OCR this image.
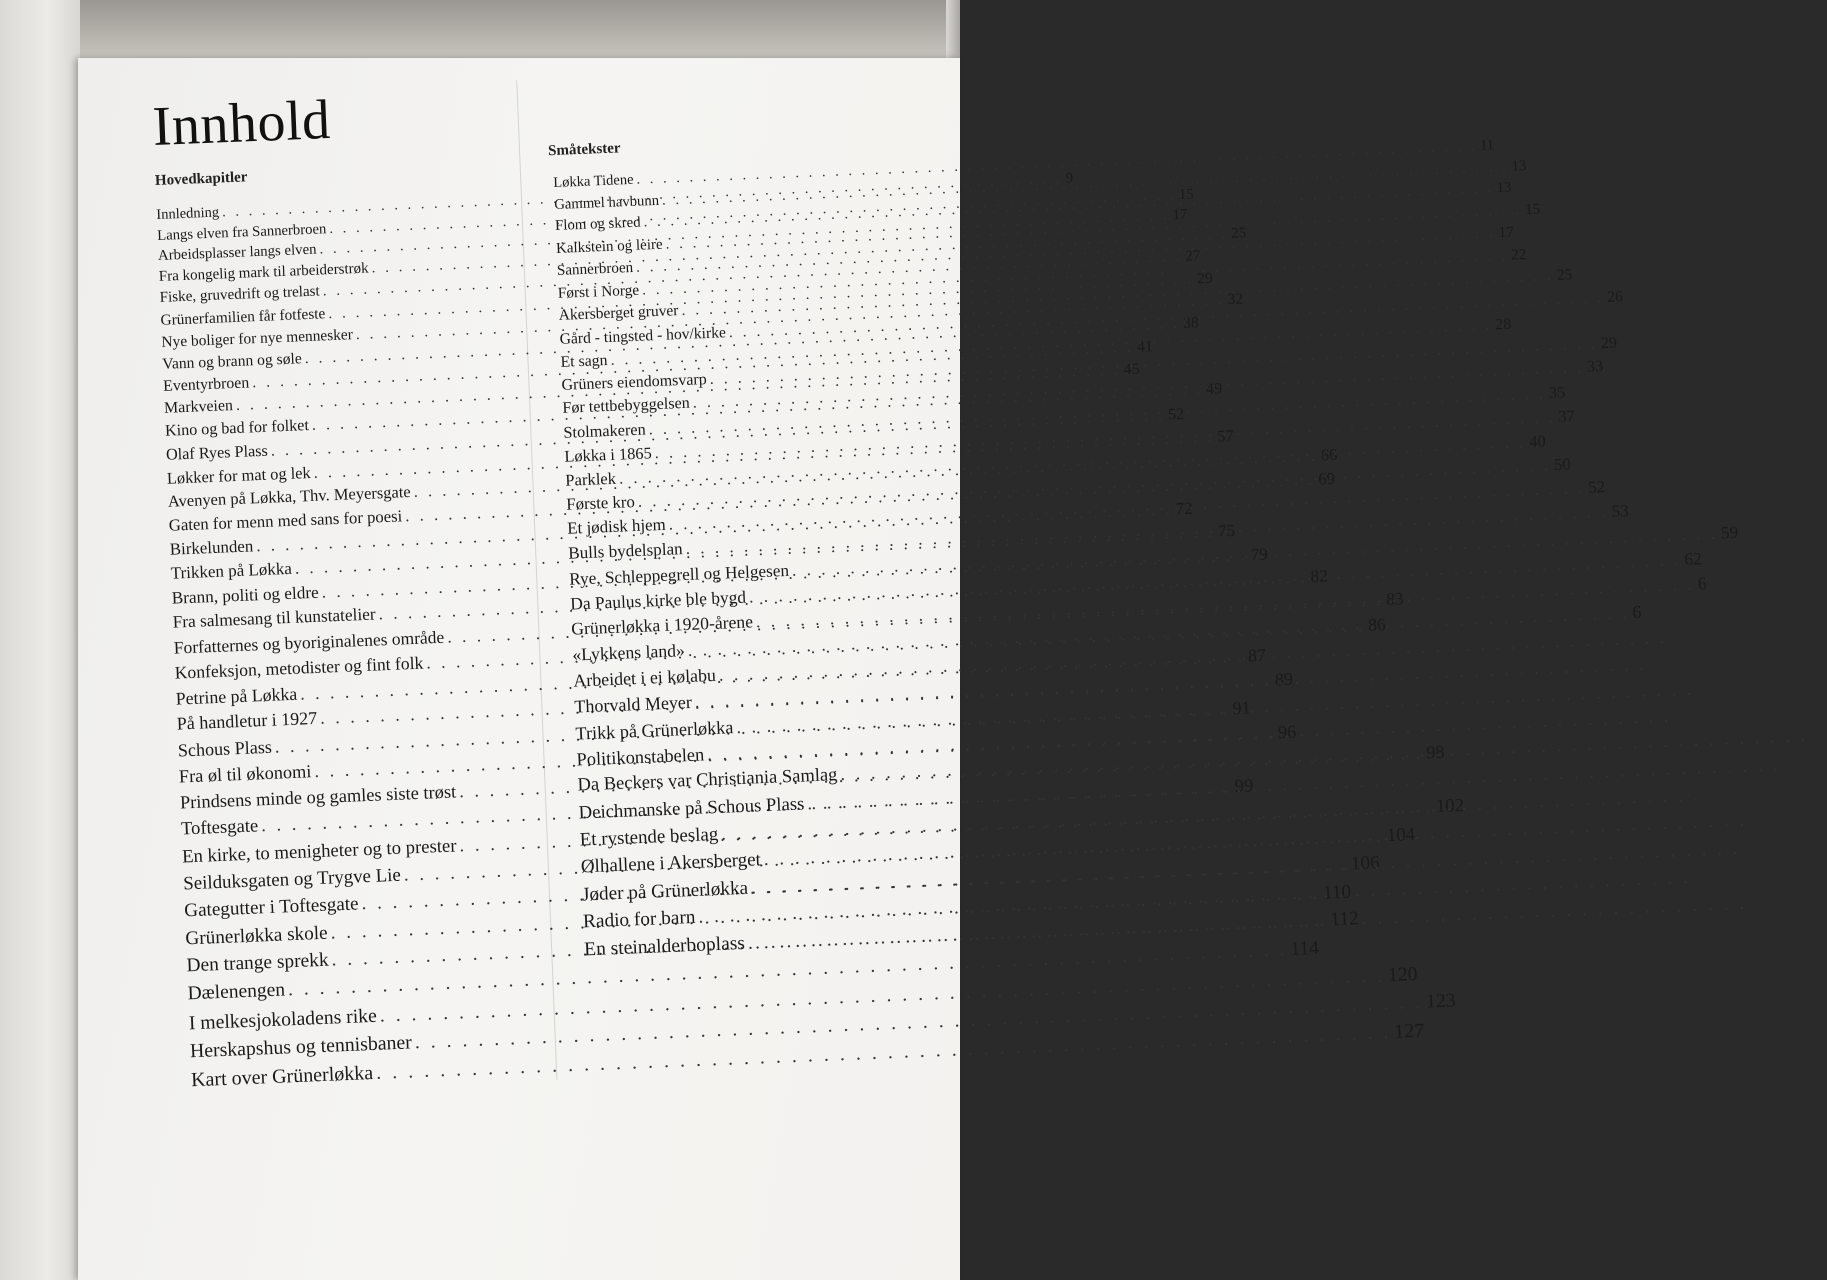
Innhold
Hovedkapitler
Innledning
. . .
9
Langs elven fra Sannerbroen
. . .
15
Arbeidsplasser langs elven
. . .
17
Fra kongelig mark til arbeiderstrøk
. . .
25
Fiske, gruvedrift og trelast
. . .
27
Grünerfamilien får fotfeste
. . .
29
Nye boliger for nye mennesker
. . .
32
Vann og brann og søle
. . .
38
Eventyrbroen
. . .
41
Markveien
. . .
45
Kino og bad for folket
. . .
49
Olaf Ryes Plass
. . .
52
Løkker for mat og lek
. . .
57
Avenyen på Løkka, Thv. Meyersgate
. . .
66
Gaten for menn med sans for poesi
. . .
69
Birkelunden
. . .
72
Trikken på Løkka
. . .
75
Brann, politi og eldre
. . .
79
Fra salmesang til kunstatelier
. . .
82
Forfatternes og byoriginalenes område
. . .
83
Konfeksjon, metodister og fint folk
. . .
86
Petrine på Løkka
. . .
87
På handletur i 1927
. . .
89
Schous Plass
. . .
91
Fra øl til økonomi
. . .
96
Prindsens minde og gamles siste trøst
. . .
98
Toftesgate
. . .
99
En kirke, to menigheter og to prester
. . .
102
Seilduksgaten og Trygve Lie
. . .
104
Gategutter i Toftesgate
. . .
106
Grünerløkka skole
. . .
110
Den trange sprekk
. . .
112
Dælenengen
. . .
114
I melkesjokoladens rike
. . .
120
Herskapshus og tennisbaner
. . .
123
Kart over Grünerløkka
. . .
127
Småtekster
Løkka Tidene
. . .
11
Gammel havbunn
. . .
13
Flom og skred
. . .
13
Kalkstein og leire
. . .
15
Sannerbroen
. . .
17
Først i Norge
. . .
22
Akersberget gruver
. . .
25
Gård - tingsted - hov/kirke
. . .
26
Et sagn
. . .
28
Grüners eiendomsvarp
. . .
29
Før tettbebyggelsen
. . .
33
Stolmakeren
. . .
35
Løkka i 1865
. . .
37
Parklek
. . .
40
Første kro
. . .
50
Et jødisk hjem
. . .
52
Bulls bydelsplan
. . .
53
Rye, Schleppegrell og Helgesen
. . .
59
Da Paulus kirke ble bygd
. . .
62
Grünerløkka i 1920-årene
. . .
6
«Lykkens land»
. . .
6
Arbeidet i ei kølabu
. . .
Thorvald Meyer
. . .
Trikk på Grünerløkka
. . .
Politikonstabelen
. . .
Da Beckers var Christiania Samlag
. . .
Deichmanske på Schous Plass
. . .
Et rystende beslag
. . .
Ølhallene i Akersberget
. . .
Jøder på Grünerløkka
. . .
Radio for barn
. . .
En steinalderboplass
. . .
